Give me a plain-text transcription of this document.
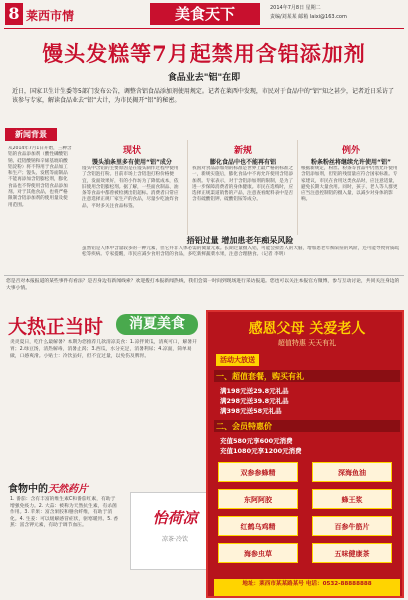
8 莱西市情	美食天下	2014年7月8日 星期二
责编/刘某某 邮箱 laixi@163.com
馒头发糕等7月起禁用含铝添加剂
食品业去"铝"在即
近日，国家卫生计生委等5部门发布公告，调整含铝食品添加剂使用规定。记者在莱西中发现，市民对于食品中的“铝”知之甚少，记者近日采访了该参与专家，解读食品业去“铝”大计，为市民揭开“铝”的秘密。
新闻背景
从2014年7月1日开始，三种含铝的食品添加剂（酸性磷酸铝钠、硅铝酸钠和辛烯基琥珀酸铝淀粉）将不得用于食品加工和生产；馒头、发糕等面制品不能再添加含铝膨松剂，膨化食品也不得使用含铝食品添加剂。对于其他食品，也将严格限制含铝添加剂的使用量及使用范围。
现状
馒头油条里多有使用“铝”成分
馒头中含铝的主要原因是在馒头制作过程中使用了含铝泡打粉。目前市场上含铝泡打粉价格便宜，发面效果好，有的小作坊为了降低成本，依旧使用含铝膨松剂。据了解，一些面食制品、油条等食品中都曾被检测出铝超标。消费者日常应注意选择正规厂家生产的食品，尽量少吃油炸食品，平时多关注食品标签。
新规
膨化食品中也不能再有铝
我国对食品添加剂的标准是世界上最严格的标准之一，新规实施后，膨化食品中不再允许使用含铝添加剂。专家表示，对于含铝添加剂的限制，是为了进一步保障消费者的身体健康。市民在选购时，应选择正规渠道销售的产品，注意查看配料表中是否含有硫酸铝钾、硫酸铝铵等成分。
例外
粉条粉丝将继续允许使用“铝”
根据新规定，粉丝、粉条等食品中仍然允许使用含铝添加剂，但铝的残留量应符合国家标准。专家建议，市民在食用这类食品时，应注意适量，避免长期大量食用。同时，孩子、老人等人群更应当注意控制铝的摄入量，以减少对身体的影响。
捂铝过量 增加患老年痴呆风险
虽然铝是人体中含量较多的一种元素，但它并非人体必需的微量元素。长期过量摄入铝，可能会损害人的大脑，增加患老年痴呆症的风险，还可能导致骨质疏松等疾病。专家提醒，市民应减少食用含铝的食品，多吃新鲜蔬菜水果，注意合理膳食。（记者 李明）
您是否对本报报道的某些事件有看法？是否身边有新闻线索？欢迎拨打本报新闻热线，我们会第一时间到现场进行采访报道。您也可以关注本报官方微博，参与互动讨论，共同关注身边的大事小情。
大热正当时	消夏美食
炎炎夏日，吃什么最解暑？本期为您推荐几款清凉美食：1.凉拌黄瓜，清爽可口，解暑开胃；2.绿豆汤，清热解毒，消暑止渴；3.西瓜，水分充足，消暑利尿；4.凉面，简单易做，口感爽滑。小贴士：冷饮虽好，但不宜过量，以免伤及脾胃。
食物中的天然药片
1. 番茄：含有丰富的维生素C和番茄红素，有助于增强免疫力。2. 大蒜：被称为天然抗生素，有杀菌作用。3. 苹果：富含果胶和膳食纤维，有助于消化。4. 生姜：可以缓解感冒症状，驱寒暖胃。5. 香蕉：富含钾元素，有助于调节血压。	怡荷凉
凉茶·冷饮
感恩父母 关爱老人
超值特惠 天天有礼
活动大放送
一、超值套餐，购买有礼
满198元送29.8元礼品
满298元送39.8元礼品
满398元送58元礼品
二、会员特惠价
充值580元享600元消费
充值1080元享1200元消费
双参参蜂精	深海鱼油
东阿阿胶	蜂王浆
红鹤乌鸡精	百参牛筋片
海参虫草	五味健康茶
地址：莱西市某某路某号 电话：0532-88888888
